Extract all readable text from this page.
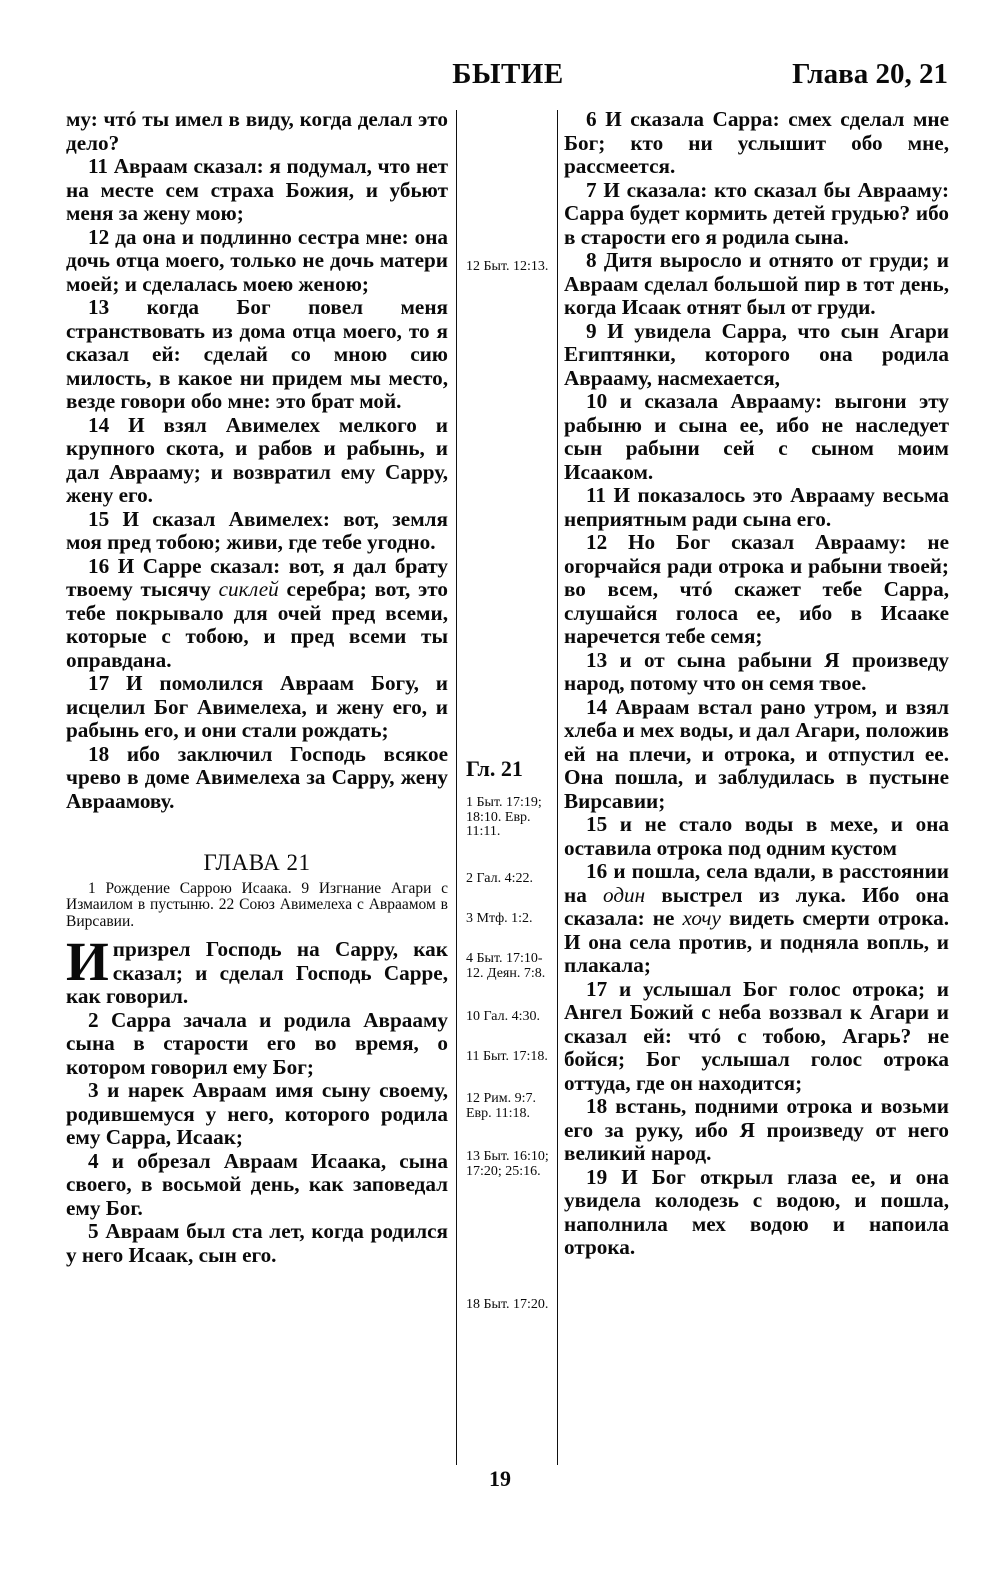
БЫТИЕ	Глава 20, 21

му: чтó ты имел в виду, когда делал это дело?

11 Авраам сказал: я подумал, что нет на месте сем страха Божия, и убьют меня за жену мою;

12 да она и подлинно сестра мне: она дочь отца моего, только не дочь матери моей; и сделалась моею женою;

13 когда Бог повел меня странствовать из дома отца моего, то я сказал ей: сделай со мною сию милость, в какое ни придем мы место, везде говори обо мне: это брат мой.

14 И взял Авимелех мелкого и крупного скота, и рабов и рабынь, и дал Аврааму; и возвратил ему Сарру, жену его.

15 И сказал Авимелех: вот, земля моя пред тобою; живи, где тебе угодно.

16 И Сарре сказал: вот, я дал брату твоему тысячу сиклей серебра; вот, это тебе покрывало для очей пред всеми, которые с тобою, и пред всеми ты оправдана.

17 И помолился Авраам Богу, и исцелил Бог Авимелеха, и жену его, и рабынь его, и они стали рождать;

18 ибо заключил Господь всякое чрево в доме Авимелеха за Сарру, жену Авраамову.

ГЛАВА 21

1 Рождение Саррою Исаака. 9 Изгнание Агари с Измаилом в пустыню. 22 Союз Авимелеха с Авраамом в Вирсавии.

Ипризрел Господь на Сарру, как сказал; и сделал Господь Сарре, как говорил.

2 Сарра зачала и родила Аврааму сына в старости его во время, о котором говорил ему Бог;

3 и нарек Авраам имя сыну своему, родившемуся у него, которого родила ему Сарра, Исаак;

4 и обрезал Авраам Исаака, сына своего, в восьмой день, как заповедал ему Бог.

5 Авраам был ста лет, когда родился у него Исаак, сын его.

6 И сказала Сарра: смех сделал мне Бог; кто ни услышит обо мне, рассмеется.

7 И сказала: кто сказал бы Аврааму: Сарра будет кормить детей грудью? ибо в старости его я родила сына.

8 Дитя выросло и отнято от груди; и Авраам сделал большой пир в тот день, когда Исаак отнят был от груди.

9 И увидела Сарра, что сын Агари Египтянки, которого она родила Аврааму, насмехается,

10 и сказала Аврааму: выгони эту рабыню и сына ее, ибо не наследует сын рабыни сей с сыном моим Исааком.

11 И показалось это Аврааму весьма неприятным ради сына его.

12 Но Бог сказал Аврааму: не огорчайся ради отрока и рабыни твоей; во всем, чтó скажет тебе Сарра, слушайся голоса ее, ибо в Исааке наречется тебе семя;

13 и от сына рабыни Я произведу народ, потому что он семя твое.

14 Авраам встал рано утром, и взял хлеба и мех воды, и дал Агари, положив ей на плечи, и отрока, и отпустил ее. Она пошла, и заблудилась в пустыне Вирсавии;

15 и не стало воды в мехе, и она оставила отрока под одним кустом

16 и пошла, села вдали, в расстоянии на один выстрел из лука. Ибо она сказала: не хочу видеть смерти отрока. И она села против, и подняла вопль, и плакала;

17 и услышал Бог голос отрока; и Ангел Божий с неба воззвал к Агари и сказал ей: чтó с тобою, Агарь? не бойся; Бог услышал голос отрока оттуда, где он находится;

18 встань, подними отрока и возьми его за руку, ибо Я произведу от него великий народ.

19 И Бог открыл глаза ее, и она увидела колодезь с водою, и пошла, наполнила мех водою и напоила отрока.

12 Быт. 12:13.
1 Быт. 17:19; 18:10. Евр. 11:11.
2 Гал. 4:22.
3 Мтф. 1:2.
4 Быт. 17:10-12. Деян. 7:8.
10 Гал. 4:30.
11 Быт. 17:18.
12 Рим. 9:7. Евр. 11:18.
13 Быт. 16:10; 17:20; 25:16.
18 Быт. 17:20.
Гл. 21
19
